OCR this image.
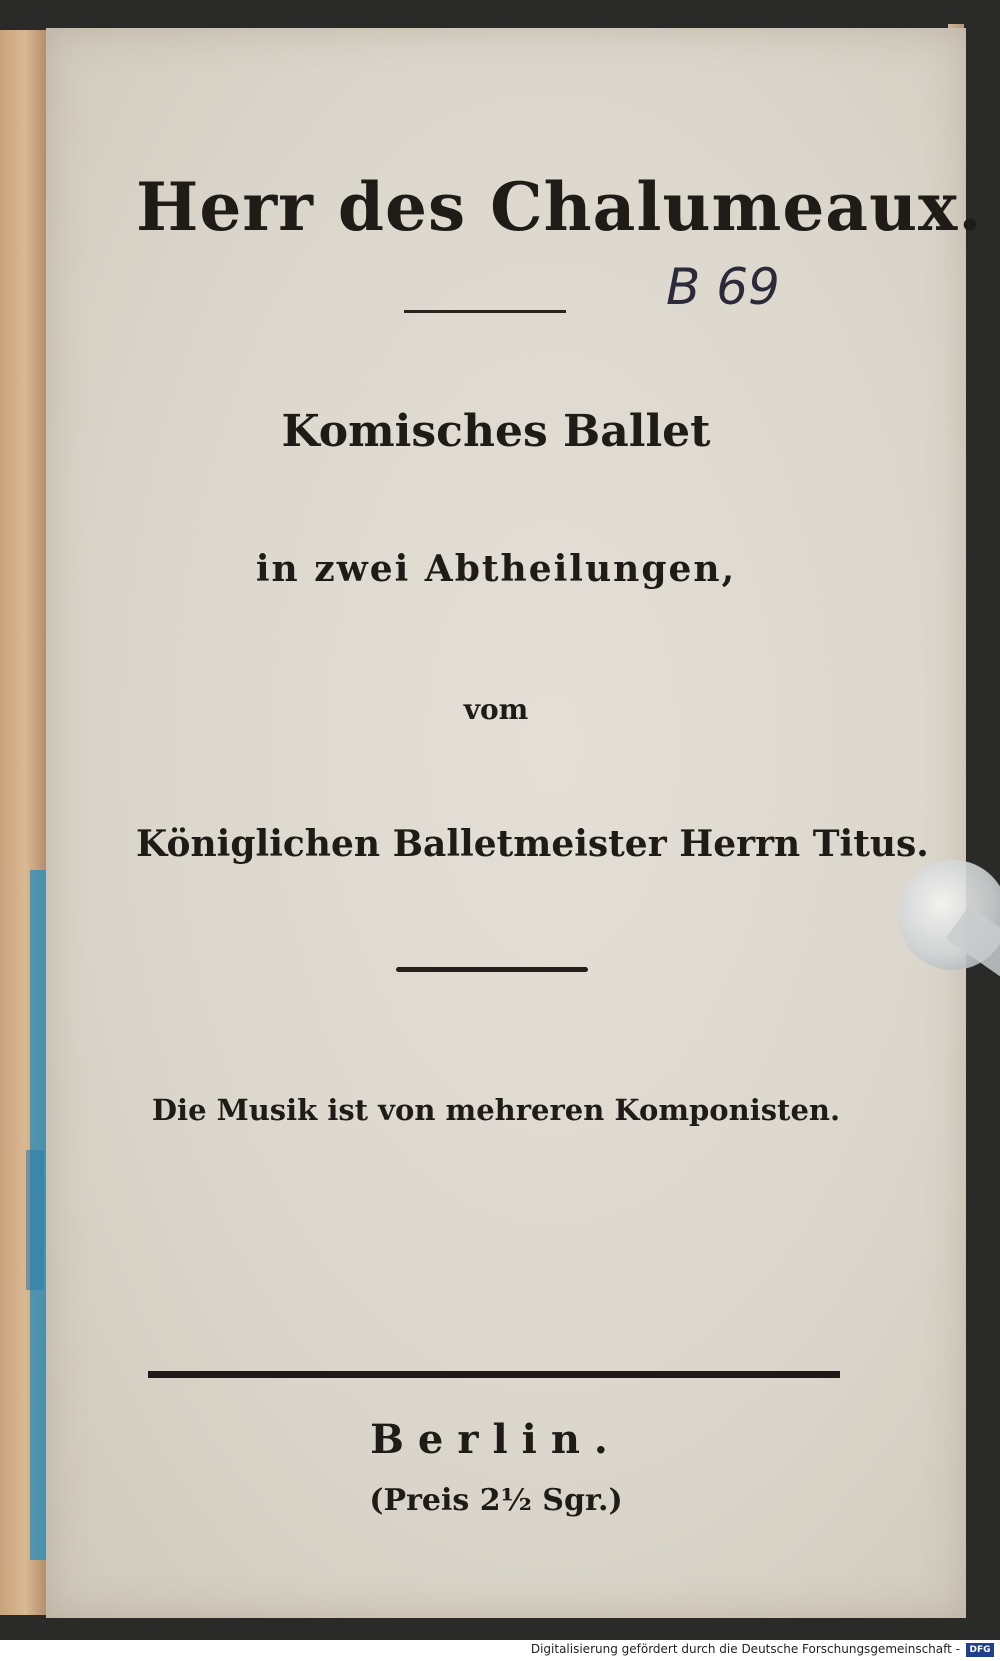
Herr des Chalumeaux.
B 69
Komisches Ballet
in zwei Abtheilungen,
vom
Königlichen Balletmeister Herrn Titus.
Die Musik ist von mehreren Komponisten.
Berlin.
(Preis 2½ Sgr.)
Digitalisierung gefördert durch die Deutsche Forschungsgemeinschaft -	DFG
